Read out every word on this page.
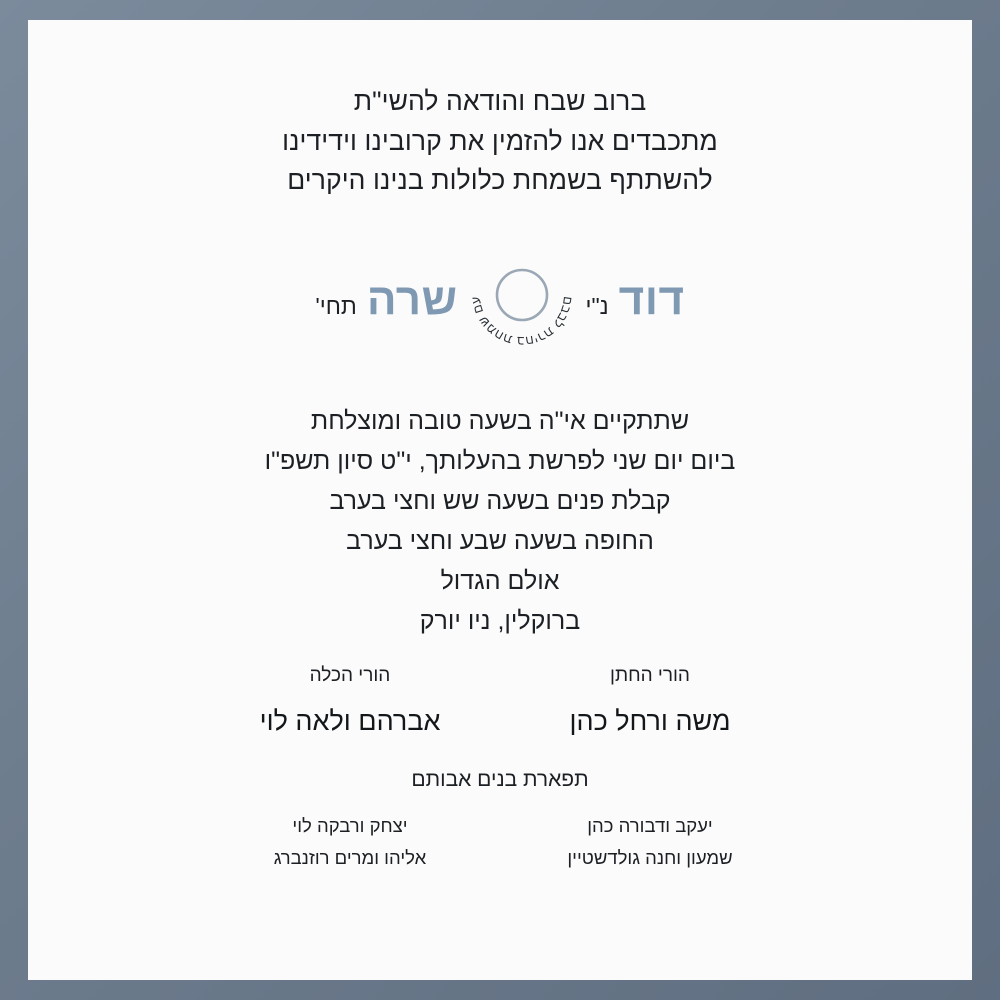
ברוב שבח והודאה להשי"ת
מתכבדים אנו להזמין את קרובינו וידידינו
להשתתף בשמחת כלולות בנינו היקרים
דוד
נ"י
עם שמחת בחירת לבבם
שרה
תחי'
שתתקיים אי"ה בשעה טובה ומוצלחת
ביום יום שני לפרשת בהעלותך, י"ט סיון תשפ"ו
קבלת פנים בשעה שש וחצי בערב
החופה בשעה שבע וחצי בערב
אולם הגדול
ברוקלין, ניו יורק
הורי החתן
משה ורחל כהן
הורי הכלה
אברהם ולאה לוי
תפארת בנים אבותם
יעקב ודבורה כהן
שמעון וחנה גולדשטיין
יצחק ורבקה לוי
אליהו ומרים רוזנברג
